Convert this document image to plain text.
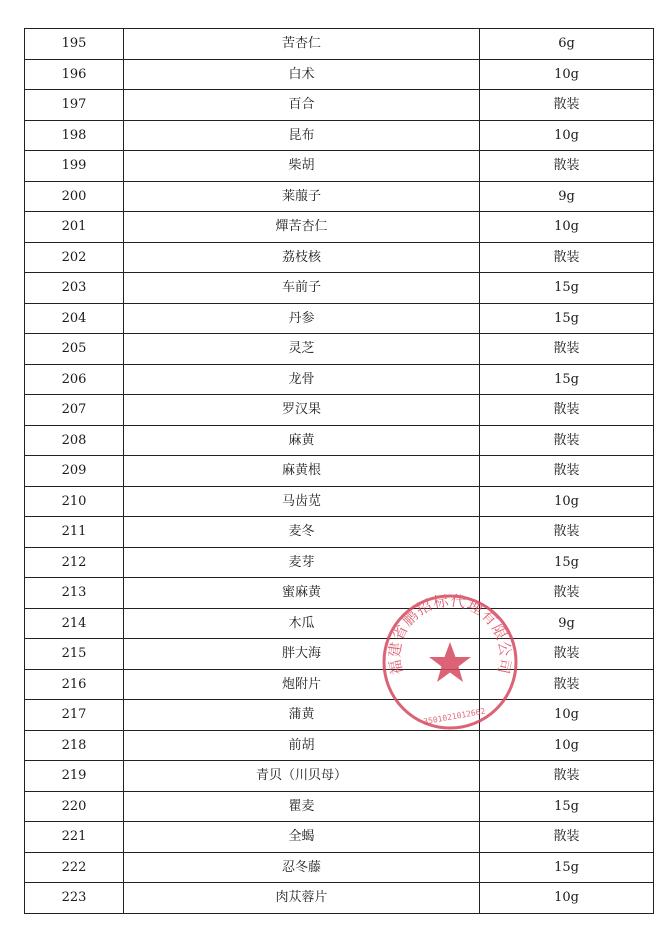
195	苦杏仁	6g
196	白术	10g
197	百合	散装
198	昆布	10g
199	柴胡	散装
200	莱菔子	9g
201	燀苦杏仁	10g
202	荔枝核	散装
203	车前子	15g
204	丹参	15g
205	灵芝	散装
206	龙骨	15g
207	罗汉果	散装
208	麻黄	散装
209	麻黄根	散装
210	马齿苋	10g
211	麦冬	散装
212	麦芽	15g
213	蜜麻黄	散装
214	木瓜	9g
215	胖大海	散装
216	炮附片	散装
217	蒲黄	10g
218	前胡	10g
219	青贝（川贝母）	散装
220	瞿麦	15g
221	全蝎	散装
222	忍冬藤	15g
223	肉苁蓉片	10g
福建省鹏招标代理有限公司
3501021012662
